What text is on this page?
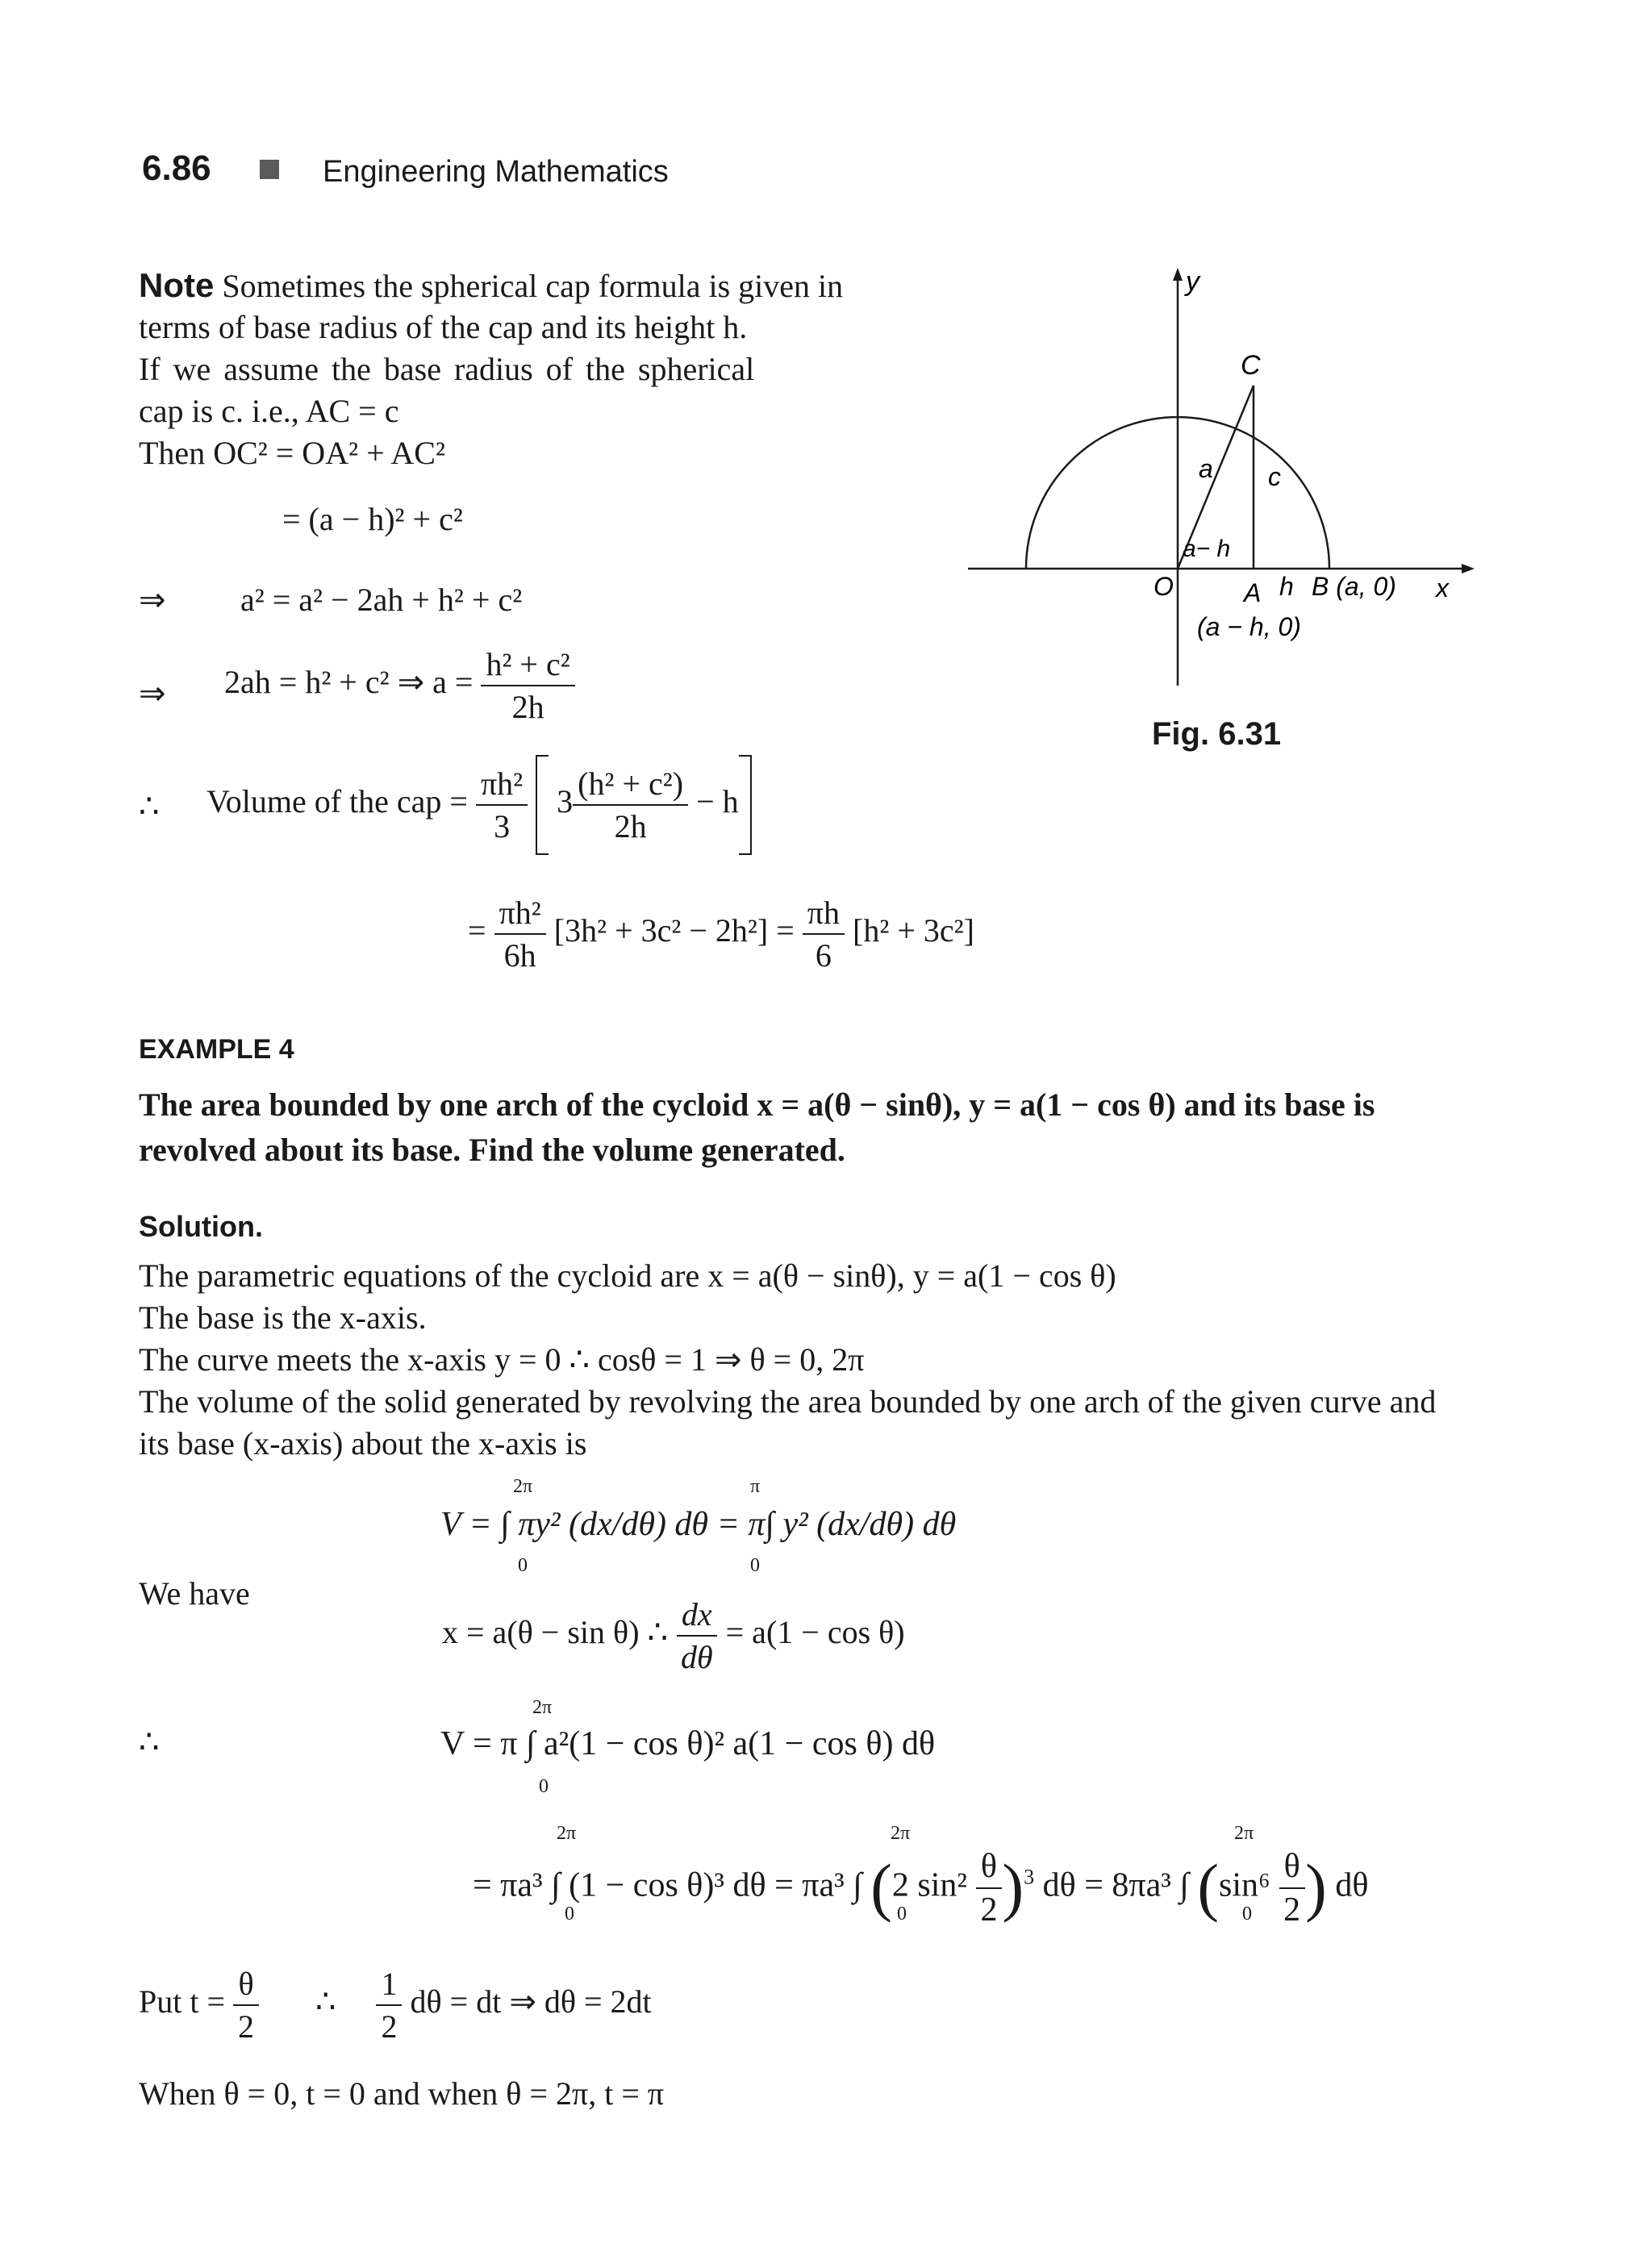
6.86	Engineering Mathematics
Note Sometimes the spherical cap formula is given in
terms of base radius of the cap and its height h.
If we assume the base radius of the spherical
cap is c. i.e., AC = c
Then OC² = OA² + AC²
= (a − h)² + c²
⇒ a² = a² − 2ah + h² + c²
⇒ 2ah = h² + c² ⇒ $a = \frac{\text{h² + c²}}{2h}$
∴ Volume of the cap = $\frac{\text{πh²}}{3} 3 \frac{\text{(h² + c²)}}{2h} - h$
= $\frac{\text{πh²}}{6h} [3h^2 + 3c^2 - 2h^2] = \frac{\pi h}{6} [h^2 + 3c^2]$
C
y
a c
a− h
O	A h B (a, 0) x
(a − h, 0)
Fig. 6.31
EXAMPLE 4
The area bounded by one arch of the cycloid x = a(θ − sinθ), y = a(1 − cos θ) and its base is
revolved about its base. Find the volume generated.
Solution.
The parametric equations of the cycloid are x = a(θ − sinθ), y = a(1 − cos θ)
The base is the x-axis.
The curve meets the x-axis y = 0 ∴ cosθ = 1 ⇒ θ = 0, 2π
The volume of the solid generated by revolving the area bounded by one arch of the given curve and
its base (x-axis) about the x-axis is
2π
0
π
0
V = ∫ πy² (dx/dθ) dθ = π∫ y² (dx/dθ) dθ
We have
x = a(θ − sin θ) ∴ $\frac{dx}{d\theta} = a(1 - \cos \theta)$
∴
2π
0
V = π ∫ a²(1 − cos θ)² a(1 − cos θ) dθ
2π
0
2π
0
2π
0
= πa³ ∫ (1 − cos θ)³ dθ = πa³ ∫ (2 $\sin^2 \frac{\theta}{2} )^3$ dθ = 8πa³ ∫ ($\sin^6 \frac{\theta}{2}$ ) dθ
Put $t = \frac{\theta}{2}$ ∴ $\frac{1}{2}$ dθ = dt ⇒ dθ = 2dt
When θ = 0, t = 0 and when θ = 2π, t = π
